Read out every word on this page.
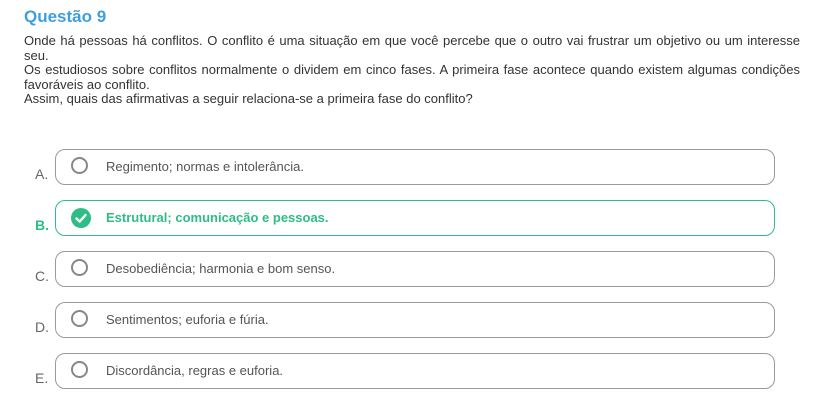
Questão 9

Onde há pessoas há conflitos. O conflito é uma situação em que você percebe que o outro vai frustrar um objetivo ou um interesse seu.

Os estudiosos sobre conflitos normalmente o dividem em cinco fases. A primeira fase acontece quando existem algumas condições favoráveis ao conflito.

Assim, quais das afirmativas a seguir relaciona-se a primeira fase do conflito?

A.	Regimento; normas e intolerância.
B.	Estrutural; comunicação e pessoas.
C.	Desobediência; harmonia e bom senso.
D.	Sentimentos; euforia e fúria.
E.	Discordância, regras e euforia.
